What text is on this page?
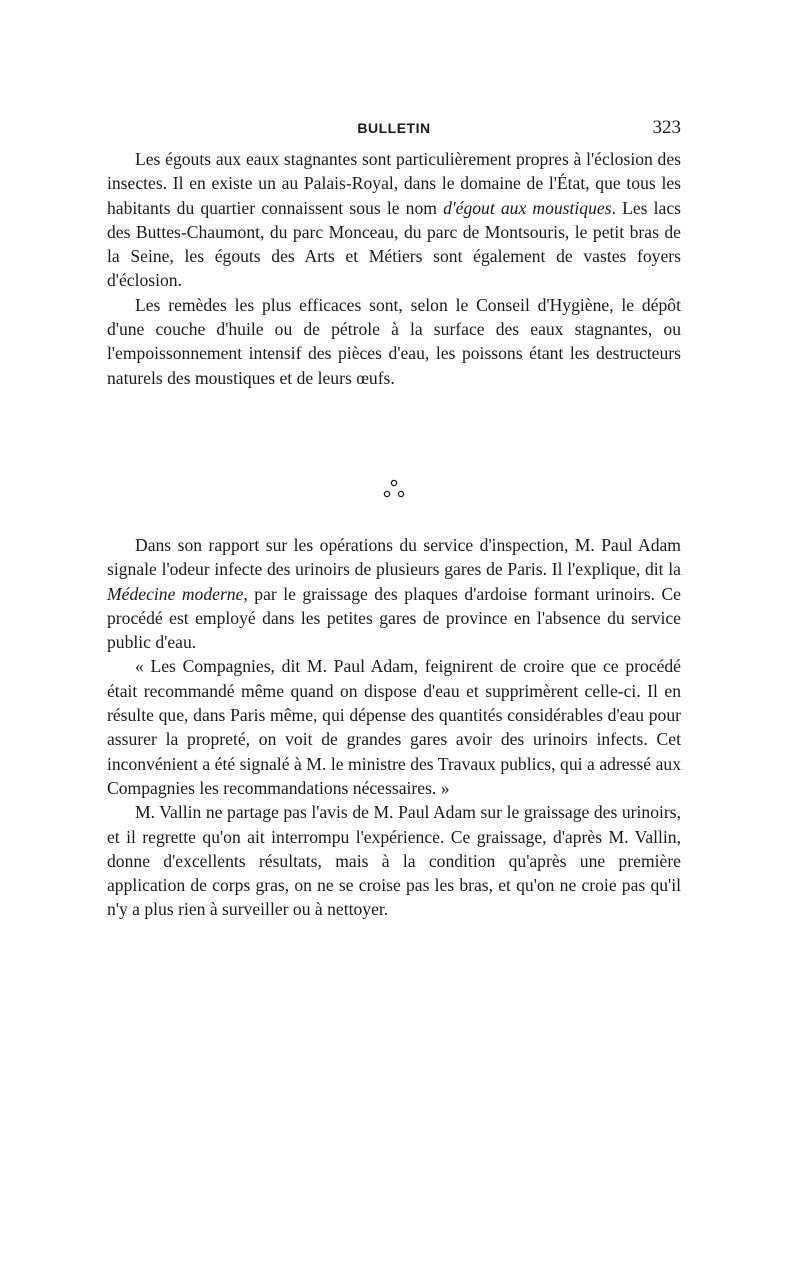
BULLETIN	323

Les égouts aux eaux stagnantes sont particulièrement propres à l'éclosion des insectes. Il en existe un au Palais-Royal, dans le domaine de l'État, que tous les habitants du quartier connaissent sous le nom d'égout aux moustiques. Les lacs des Buttes-Chaumont, du parc Monceau, du parc de Montsouris, le petit bras de la Seine, les égouts des Arts et Métiers sont également de vastes foyers d'éclosion.

Les remèdes les plus efficaces sont, selon le Conseil d'Hygiène, le dépôt d'une couche d'huile ou de pétrole à la surface des eaux stagnantes, ou l'empoissonnement intensif des pièces d'eau, les poissons étant les destructeurs naturels des moustiques et de leurs œufs.

Dans son rapport sur les opérations du service d'inspection, M. Paul Adam signale l'odeur infecte des urinoirs de plusieurs gares de Paris. Il l'explique, dit la Médecine moderne, par le graissage des plaques d'ardoise formant urinoirs. Ce procédé est employé dans les petites gares de province en l'absence du service public d'eau.

« Les Compagnies, dit M. Paul Adam, feignirent de croire que ce procédé était recommandé même quand on dispose d'eau et supprimèrent celle-ci. Il en résulte que, dans Paris même, qui dépense des quantités considérables d'eau pour assurer la propreté, on voit de grandes gares avoir des urinoirs infects. Cet inconvénient a été signalé à M. le ministre des Travaux publics, qui a adressé aux Compagnies les recommandations nécessaires. »

M. Vallin ne partage pas l'avis de M. Paul Adam sur le graissage des urinoirs, et il regrette qu'on ait interrompu l'expérience. Ce graissage, d'après M. Vallin, donne d'excellents résultats, mais à la condition qu'après une première application de corps gras, on ne se croise pas les bras, et qu'on ne croie pas qu'il n'y a plus rien à surveiller ou à nettoyer.
